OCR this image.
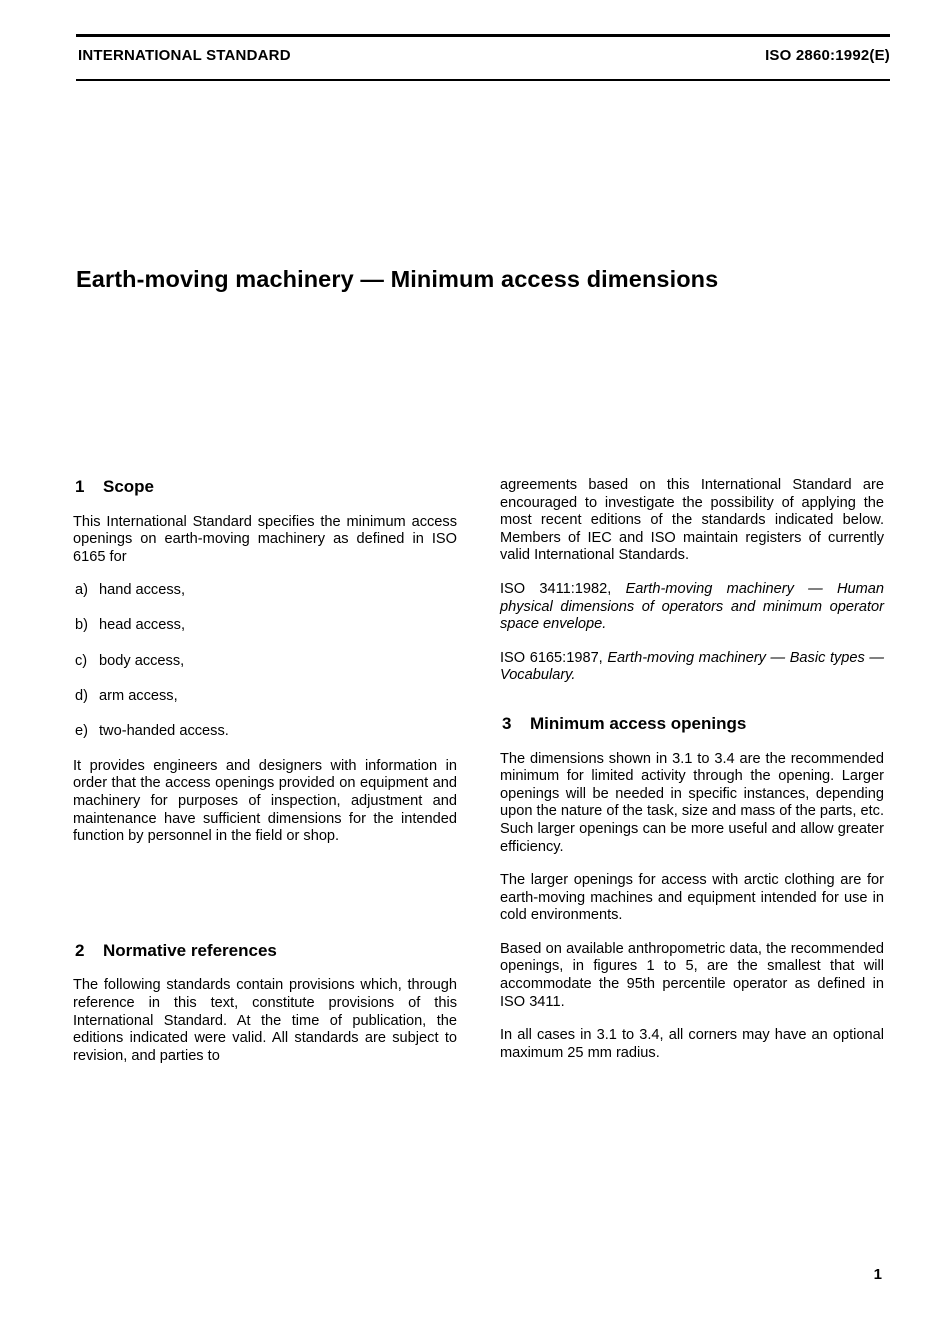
INTERNATIONAL STANDARD	ISO 2860:1992(E)
Earth-moving machinery — Minimum access dimensions
1 Scope

This International Standard specifies the minimum access openings on earth-moving machinery as defined in ISO 6165 for

a) hand access,
b) head access,
c) body access,
d) arm access,
e) two-handed access.

It provides engineers and designers with information in order that the access openings provided on equipment and machinery for purposes of inspection, adjustment and maintenance have sufficient dimensions for the intended function by personnel in the field or shop.

2 Normative references

The following standards contain provisions which, through reference in this text, constitute provisions of this International Standard. At the time of publication, the editions indicated were valid. All standards are subject to revision, and parties to

agreements based on this International Standard are encouraged to investigate the possibility of applying the most recent editions of the standards indicated below. Members of IEC and ISO maintain registers of currently valid International Standards.

ISO 3411:1982, Earth-moving machinery — Human physical dimensions of operators and minimum operator space envelope.

ISO 6165:1987, Earth-moving machinery — Basic types — Vocabulary.

3 Minimum access openings

The dimensions shown in 3.1 to 3.4 are the recommended minimum for limited activity through the opening. Larger openings will be needed in specific instances, depending upon the nature of the task, size and mass of the parts, etc. Such larger openings can be more useful and allow greater efficiency.

The larger openings for access with arctic clothing are for earth-moving machines and equipment intended for use in cold environments.

Based on available anthropometric data, the recommended openings, in figures 1 to 5, are the smallest that will accommodate the 95th percentile operator as defined in ISO 3411.

In all cases in 3.1 to 3.4, all corners may have an optional maximum 25 mm radius.

1
